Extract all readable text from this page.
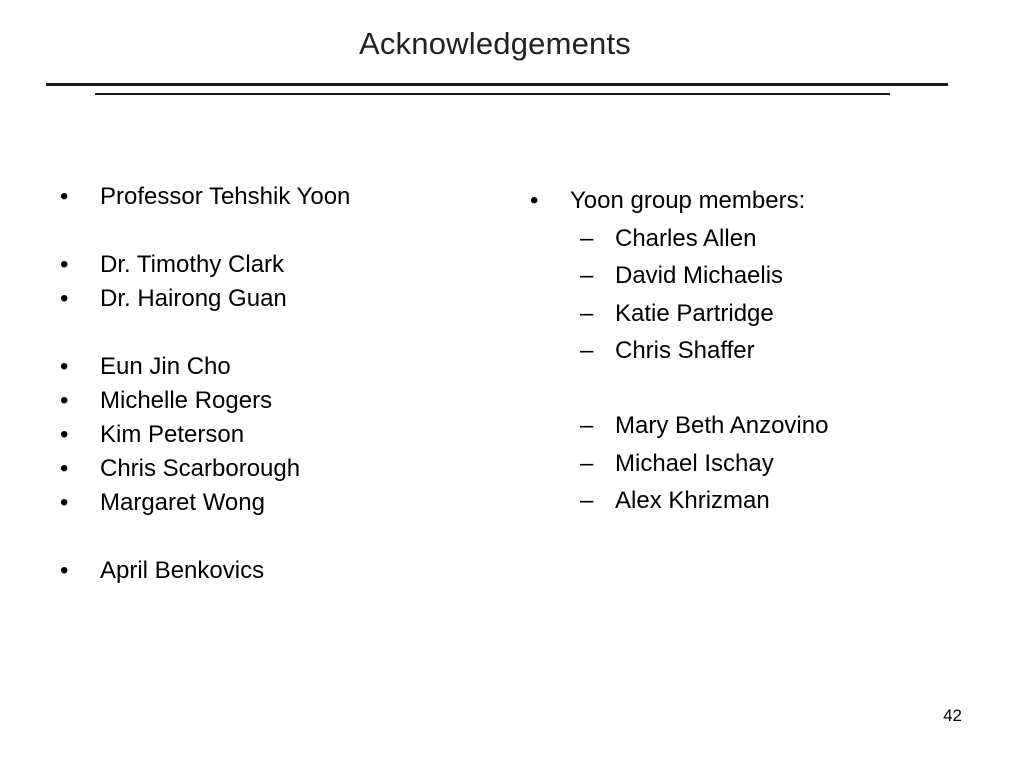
Acknowledgements
•	Professor Tehshik Yoon
•	Dr. Timothy Clark
•	Dr. Hairong Guan
•	Eun Jin Cho
•	Michelle Rogers
•	Kim Peterson
•	Chris Scarborough
•	Margaret Wong
•	April Benkovics
•	Yoon group members:
– Charles Allen
– David Michaelis
– Katie Partridge
– Chris Shaffer
– Mary Beth Anzovino
– Michael Ischay
– Alex Khrizman
42
